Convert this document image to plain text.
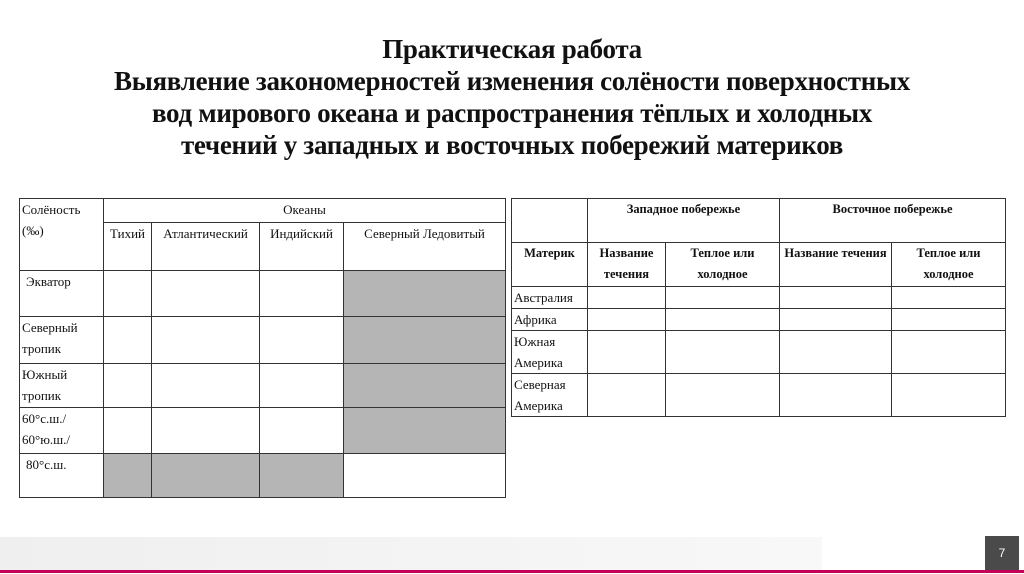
Практическая работа
Выявление закономерностей изменения солёности поверхностных
вод мирового океана и распространения тёплых и холодных
течений у западных и восточных побережий материков
Солёность (‰)	Океаны			
	Тихий	Атлантический	Индийский	Северный Ледовитый
Экватор				
Северный тропик				
Южный тропик				
60°с.ш./ 60°ю.ш./				
80°с.ш.				
	Западное побережье		Восточное побережье	
Материк	Название течения	Теплое или холодное	Название течения	Теплое или холодное
Австралия				
Африка				
Южная Америка				
Северная Америка				
7
